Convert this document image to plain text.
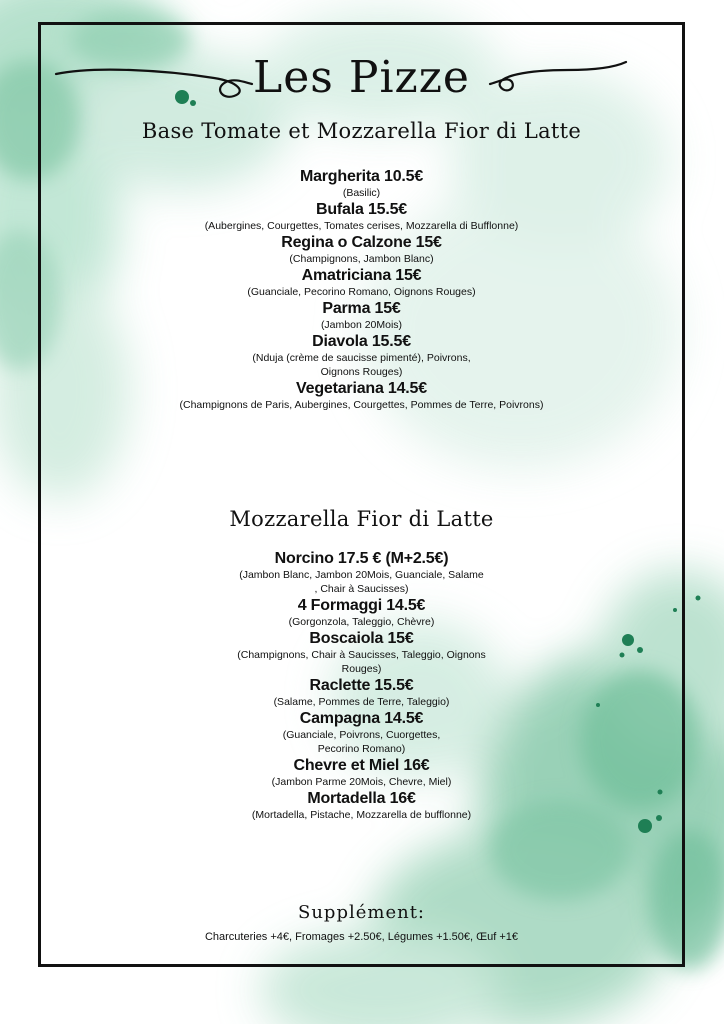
Les Pizze
Base Tomate et Mozzarella Fior di Latte
Margherita 10.5€
(Basilic)
Bufala 15.5€
(Aubergines, Courgettes, Tomates cerises, Mozzarella di Bufflonne)
Regina o Calzone 15€
(Champignons, Jambon Blanc)
Amatriciana 15€
(Guanciale, Pecorino Romano, Oignons Rouges)
Parma 15€
(Jambon 20Mois)
Diavola 15.5€
(Nduja (crème de saucisse pimenté), Poivrons, Oignons Rouges)
Vegetariana 14.5€
(Champignons de Paris, Aubergines, Courgettes, Pommes de Terre, Poivrons)
Mozzarella Fior di Latte
Norcino 17.5 € (M+2.5€)
(Jambon Blanc, Jambon 20Mois, Guanciale, Salame , Chair à Saucisses)
4 Formaggi 14.5€
(Gorgonzola, Taleggio, Chèvre)
Boscaiola 15€
(Champignons, Chair à Saucisses, Taleggio, Oignons Rouges)
Raclette 15.5€
(Salame, Pommes de Terre, Taleggio)
Campagna 14.5€
(Guanciale, Poivrons, Cuorgettes, Pecorino Romano)
Chevre et Miel 16€
(Jambon Parme 20Mois, Chevre, Miel)
Mortadella 16€
(Mortadella, Pistache, Mozzarella de bufflonne)
Supplément:
Charcuteries +4€, Fromages +2.50€, Légumes +1.50€, Œuf +1€
